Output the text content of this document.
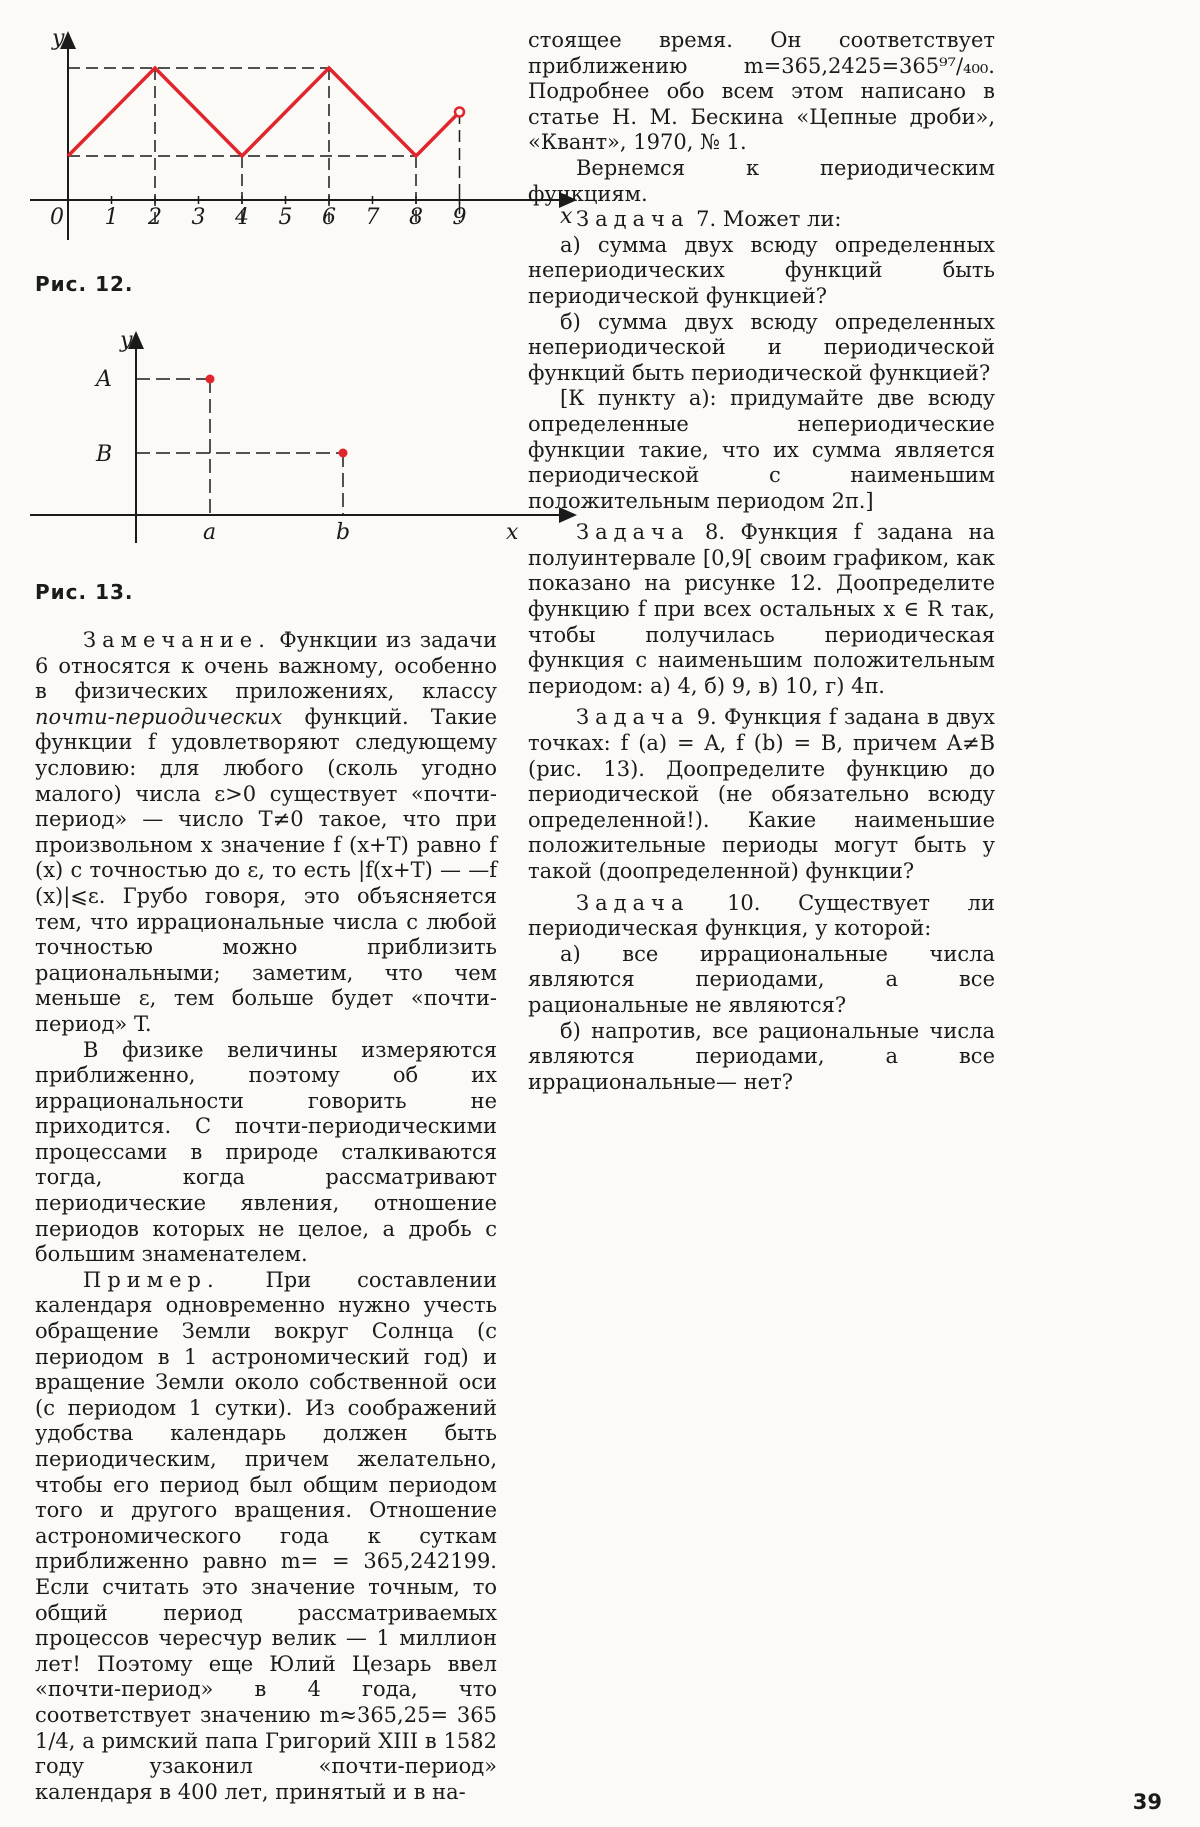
0 1 2 3 4 5 6 7 8 9
y
x
Рис. 12.
y
A
B
a	b	x
Рис. 13.

Замечание. Функции из задачи 6 относятся к очень важному, особенно в физических приложениях, классу почти-периодических функций. Такие функции f удовлетворяют следующему условию: для любого (сколь угодно малого) числа ε>0 существует «почти-период» — число T≠0 такое, что при произвольном x значение f (x+T) равно f (x) с точностью до ε, то есть |f(x+T) — —f (x)|⩽ε. Грубо говоря, это объясняется тем, что иррациональные числа с любой точностью можно приблизить рациональными; заметим, что чем меньше ε, тем больше будет «почти-период» T.

В физике величины измеряются приближенно, поэтому об их иррациональности говорить не приходится. С почти-периодическими процессами в природе сталкиваются тогда, когда рассматривают периодические явления, отношение периодов которых не целое, а дробь с большим знаменателем.

Пример. При составлении календаря одновременно нужно учесть обращение Земли вокруг Солнца (с периодом в 1 астрономический год) и вращение Земли около собственной оси (с периодом 1 сутки). Из соображений удобства календарь должен быть периодическим, причем желательно, чтобы его период был общим периодом того и другого вращения. Отношение астрономического года к суткам приближенно равно m= = 365,242199. Если считать это значение точным, то общий период рассматриваемых процессов чересчур велик — 1 миллион лет! Поэтому еще Юлий Цезарь ввел «почти-период» в 4 года, что соответствует значению m≈365,25= 365 1/4, а римский папа Григорий XIII в 1582 году узаконил «почти-период» календаря в 400 лет, принятый и в на-

стоящее время. Он соответствует приближению m=365,2425=365⁹⁷/₄₀₀. Подробнее обо всем этом написано в статье Н. М. Бескина «Цепные дроби», «Квант», 1970, № 1.

Вернемся к периодическим функциям.

Задача 7. Может ли:

а) сумма двух всюду определенных непериодических функций быть периодической функцией?

б) сумма двух всюду определенных непериодической и периодической функций быть периодической функцией?

[К пункту а): придумайте две всюду определенные непериодические функции такие, что их сумма является периодической с наименьшим положительным периодом 2π.]

Задача 8. Функция f задана на полуинтервале [0,9[ своим графиком, как показано на рисунке 12. Доопределите функцию f при всех остальных x ∈ R так, чтобы получилась периодическая функция с наименьшим положительным периодом: а) 4, б) 9, в) 10, г) 4π.

Задача 9. Функция f задана в двух точках: f (a) = A, f (b) = B, причем A≠B (рис. 13). Доопределите функцию до периодической (не обязательно всюду определенной!). Какие наименьшие положительные периоды могут быть у такой (доопределенной) функции?

Задача 10. Существует ли периодическая функция, у которой:

а) все иррациональные числа являются периодами, а все рациональные не являются?

б) напротив, все рациональные числа являются периодами, а все иррациональные— нет?

39
